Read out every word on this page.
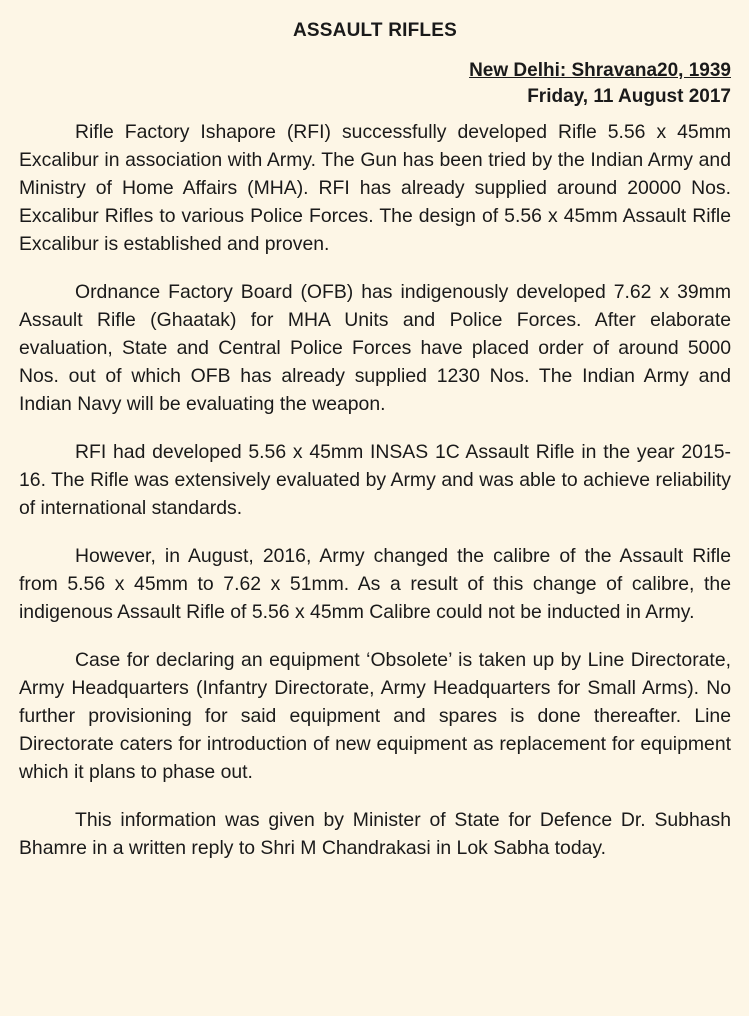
ASSAULT RIFLES
New Delhi: Shravana20, 1939
Friday, 11 August 2017

Rifle Factory Ishapore (RFI) successfully developed Rifle 5.56 x 45mm Excalibur in association with Army. The Gun has been tried by the Indian Army and Ministry of Home Affairs (MHA). RFI has already supplied around 20000 Nos. Excalibur Rifles to various Police Forces. The design of 5.56 x 45mm Assault Rifle Excalibur is established and proven.

Ordnance Factory Board (OFB) has indigenously developed 7.62 x 39mm Assault Rifle (Ghaatak) for MHA Units and Police Forces. After elaborate evaluation, State and Central Police Forces have placed order of around 5000 Nos. out of which OFB has already supplied 1230 Nos. The Indian Army and Indian Navy will be evaluating the weapon.

RFI had developed 5.56 x 45mm INSAS 1C Assault Rifle in the year 2015-16. The Rifle was extensively evaluated by Army and was able to achieve reliability of international standards.

However, in August, 2016, Army changed the calibre of the Assault Rifle from 5.56 x 45mm to 7.62 x 51mm. As a result of this change of calibre, the indigenous Assault Rifle of 5.56 x 45mm Calibre could not be inducted in Army.

Case for declaring an equipment ‘Obsolete’ is taken up by Line Directorate, Army Headquarters (Infantry Directorate, Army Headquarters for Small Arms). No further provisioning for said equipment and spares is done thereafter. Line Directorate caters for introduction of new equipment as replacement for equipment which it plans to phase out.

This information was given by Minister of State for Defence Dr. Subhash Bhamre in a written reply to Shri M Chandrakasi in Lok Sabha today.
